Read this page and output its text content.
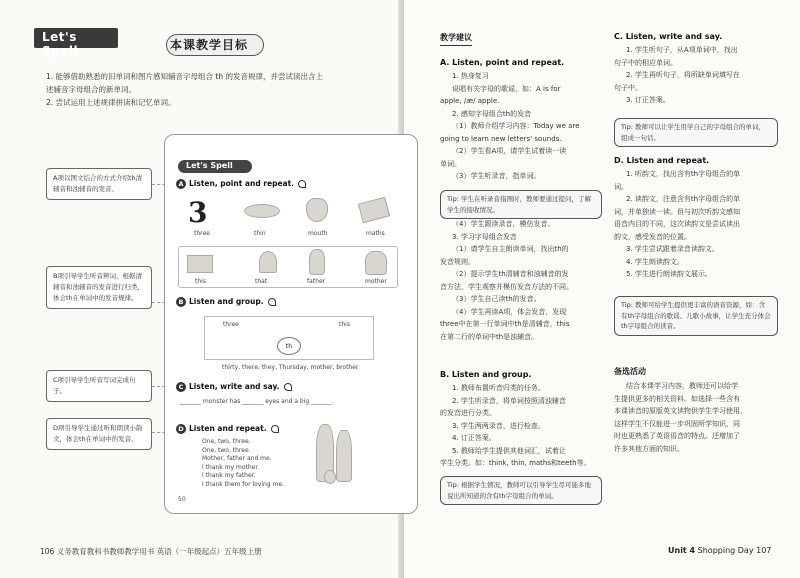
Let's Spell	本课教学目标
1. 能够借助熟悉的旧单词和图片感知辅音字母组合 th 的发音规律，并尝试读出含上
述辅音字母组合的新单词。
2. 尝试运用上述规律拼读和记忆单词。
A项以图文结合的方式介绍th清辅音和浊辅音的发音。
B项引导学生听音辨词，根据清辅音和浊辅音的发音进行归类，体会th在单词中的发音规律。
C项引导学生听音写词完成句子。
D项引导学生通过听和朗读小韵文，体会th在单词中的发音。
Let's Spell
A Listen, point and repeat.
3
three	thin	mouth	maths
this	that	father	mother
B Listen and group.
three	this
th
thirty, there, they, Thursday, mother, brother
C Listen, write and say.
_______ monster has _______ eyes and a big _______.
D Listen and repeat.
One, two, three.
One, two, three.
Mother, father and me.
I thank my mother.
I thank my father.
I thank them for loving me.
50
106 义务教育教科书教师教学用书 英语（一年级起点）五年级上册
教学建议
A. Listen, point and repeat.
1. 热身复习
说唱有关字母的歌谣，如：A is for
apple, /æ/ apple.
2. 感知字母组合th的发音
（1）教师介绍学习内容：Today we are
going to learn new letters' sounds.
（2）学生看A项，请学生试着读一读
单词。
（3）学生听录音，指单词。
Tip: 学生在听录音指图时，教师要通过提问，了解学生的接收情况。
（4）学生跟读录音，模仿发音。
3. 学习字母组合发音
（1）请学生自主朗读单词，找出th的
发音规则。
（2）提示学生th清辅音和浊辅音的发
音方法，学生观察并模仿发音方法的不同。
（3）学生自己读th的发音。
（4）学生再读A项，体会发音，发现
three中在第一行单词中th是清辅音，this
在第二行的单词中th是浊辅音。
B. Listen and group.
1. 教师布置听音归类的任务。
2. 学生听录音，将单词按照清浊辅音
的发音进行分类。
3. 学生两两录音，进行检查。
4. 订正答案。
5. 教师给学生提供其他词汇，试着让
学生分类。如：think, thin, maths和teeth等。
Tip: 根据学生情况，教师可以引导学生尽可能多地说出所知道的含有th字母组合的单词。
C. Listen, write and say.
1. 学生听句子，从A项单词中，找出
句子中的相应单词。
2. 学生再听句子，将所缺单词填写在
句子中。
3. 订正答案。
Tip: 教师可以让学生用学自己的字母组合的单词，组成一句话。
D. Listen and repeat.
1. 听韵文，找出含有th字母组合的单
词。
2. 读韵文，注意含有th字母组合的单
词，并单独读一读。但与初次听韵文感知
语音内目的不同，这次读韵文是尝试读出
韵文，感受发音的位置。
3. 学生尝试跟着录音读韵文。
4. 学生朗读韵文。
5. 学生进行朗读韵文展示。
Tip: 教师可给学生提供更丰富的语音资源，如：含有th字母组合的歌谣、儿歌小故事，让学生充分体会th字母组合的读音。
备选活动
结合本课学习内容，教师还可以给学
生提供更多的相关资料。如选择一些含有
本课读音的原版英文读物供学生学习使用，
这样学生不仅能进一步巩固所学知识，同
时也更熟悉了英语语音的特点。还增加了
许多其他方面的知识。
Unit 4 Shopping Day 107
